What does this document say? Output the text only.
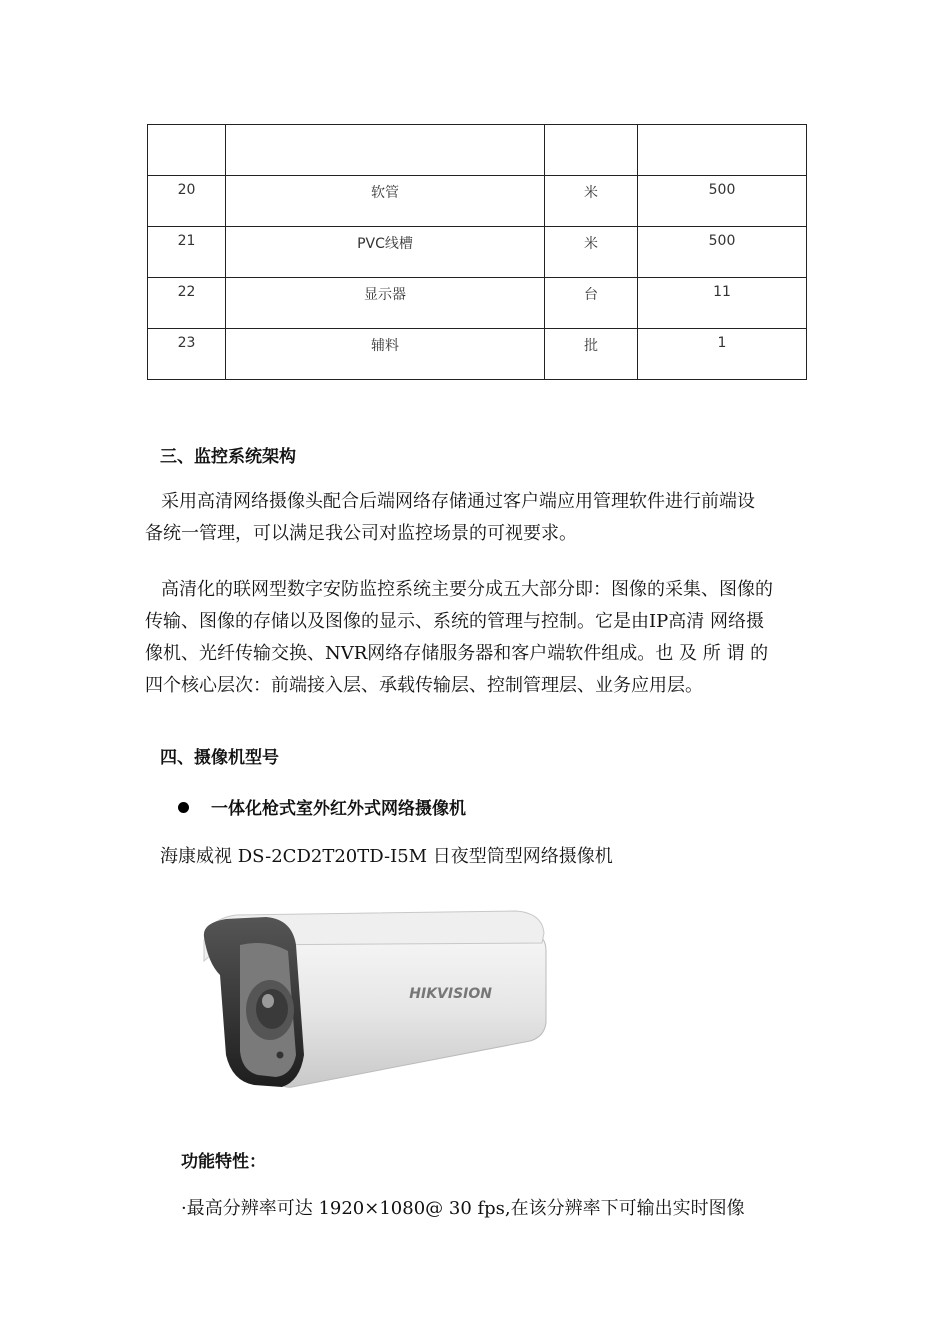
20	软管	米	500
21	PVC线槽	米	500
22	显示器	台	11
23	辅料	批	1
三、监控系统架构
采用高清网络摄像头配合后端网络存储通过客户端应用管理软件进行前端设
备统一管理，可以满足我公司对监控场景的可视要求。
高清化的联网型数字安防监控系统主要分成五大部分即：图像的采集、图像的
传输、图像的存储以及图像的显示、系统的管理与控制。它是由IP高清 网络摄
像机、光纤传输交换、NVR网络存储服务器和客户端软件组成。也 及 所 谓 的
四个核心层次：前端接入层、承载传输层、控制管理层、业务应用层。
四、摄像机型号
一体化枪式室外红外式网络摄像机
海康威视 DS-2CD2T20TD-I5M 日夜型筒型网络摄像机
HIKVISION
功能特性：
·最高分辨率可达 1920×1080@ 30 fps,在该分辨率下可输出实时图像
